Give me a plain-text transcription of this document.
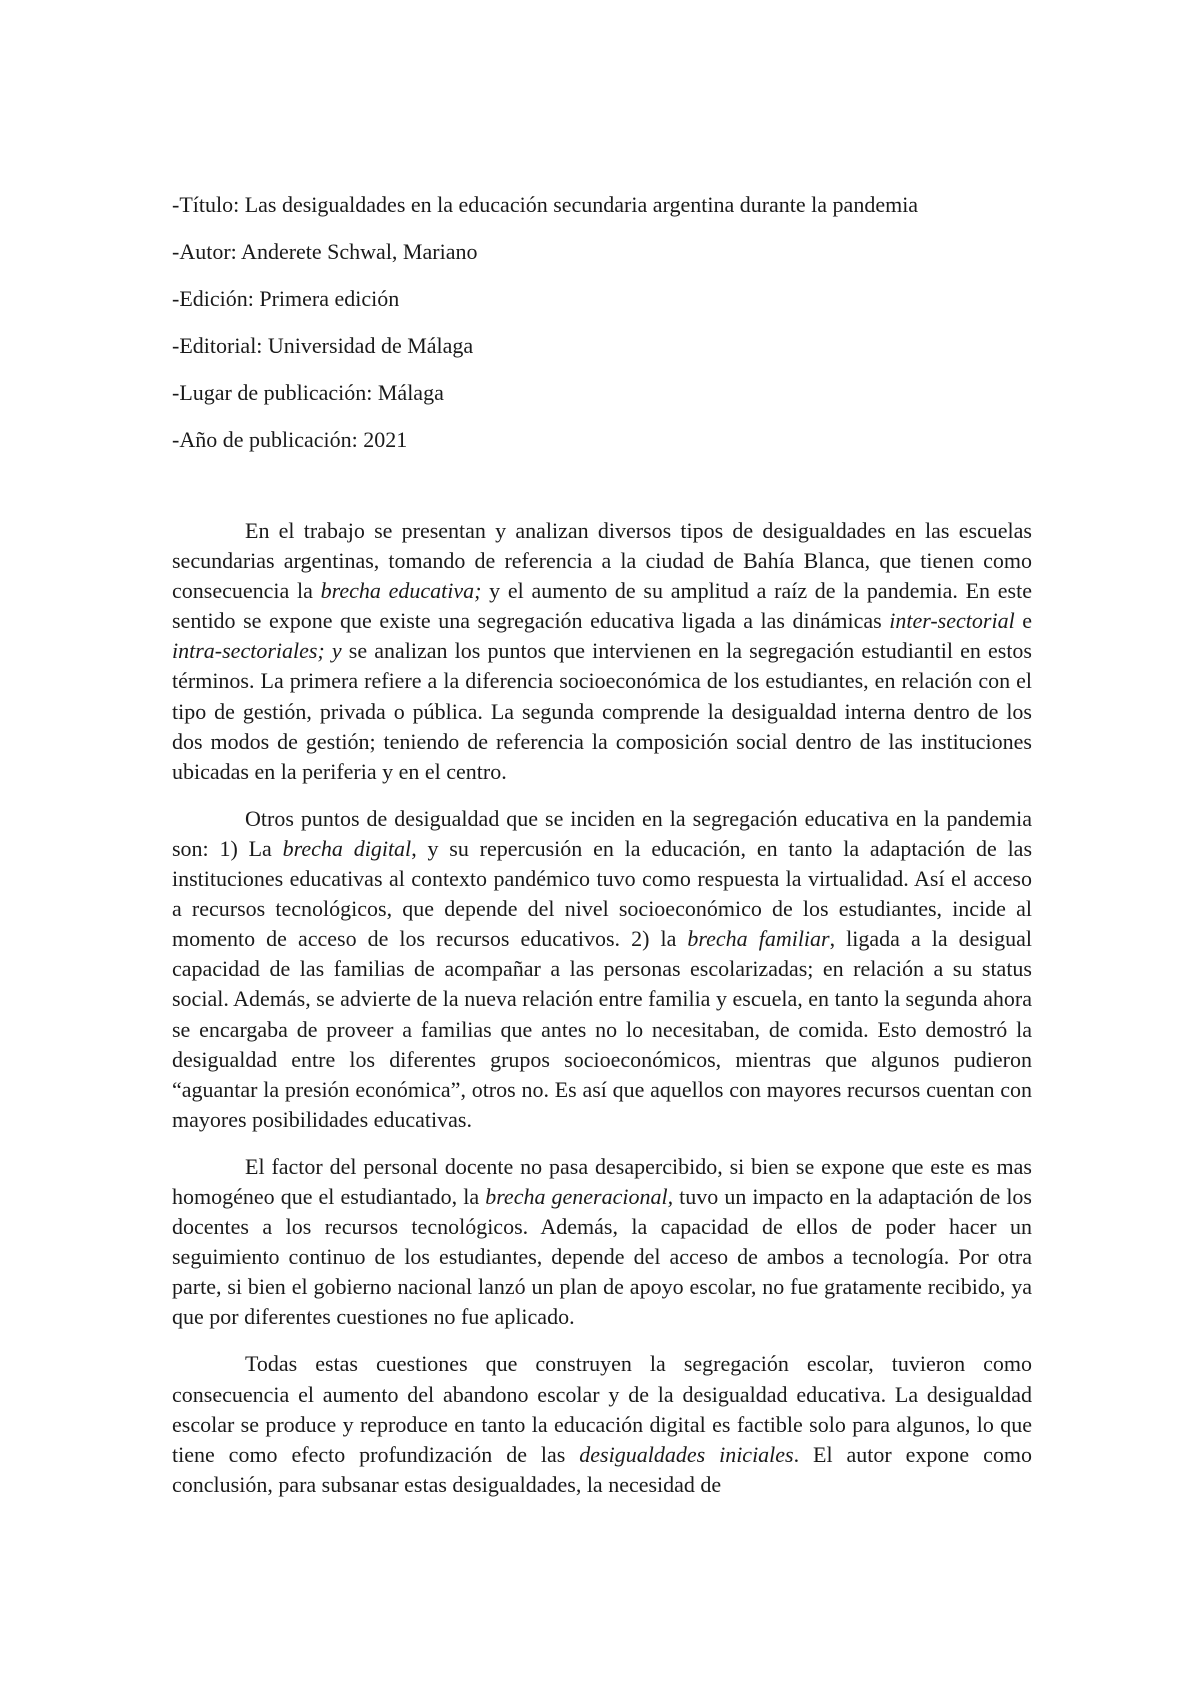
-Título: Las desigualdades en la educación secundaria argentina durante la pandemia

-Autor: Anderete Schwal, Mariano

-Edición: Primera edición

-Editorial: Universidad de Málaga

-Lugar de publicación: Málaga

-Año de publicación: 2021

En el trabajo se presentan y analizan diversos tipos de desigualdades en las escuelas secundarias argentinas, tomando de referencia a la ciudad de Bahía Blanca, que tienen como consecuencia la brecha educativa; y el aumento de su amplitud a raíz de la pandemia. En este sentido se expone que existe una segregación educativa ligada a las dinámicas inter-sectorial e intra-sectoriales; y se analizan los puntos que intervienen en la segregación estudiantil en estos términos. La primera refiere a la diferencia socioeconómica de los estudiantes, en relación con el tipo de gestión, privada o pública. La segunda comprende la desigualdad interna dentro de los dos modos de gestión; teniendo de referencia la composición social dentro de las instituciones ubicadas en la periferia y en el centro.

Otros puntos de desigualdad que se inciden en la segregación educativa en la pandemia son: 1) La brecha digital, y su repercusión en la educación, en tanto la adaptación de las instituciones educativas al contexto pandémico tuvo como respuesta la virtualidad. Así el acceso a recursos tecnológicos, que depende del nivel socioeconómico de los estudiantes, incide al momento de acceso de los recursos educativos. 2) la brecha familiar, ligada a la desigual capacidad de las familias de acompañar a las personas escolarizadas; en relación a su status social. Además, se advierte de la nueva relación entre familia y escuela, en tanto la segunda ahora se encargaba de proveer a familias que antes no lo necesitaban, de comida. Esto demostró la desigualdad entre los diferentes grupos socioeconómicos, mientras que algunos pudieron “aguantar la presión económica”, otros no. Es así que aquellos con mayores recursos cuentan con mayores posibilidades educativas.

El factor del personal docente no pasa desapercibido, si bien se expone que este es mas homogéneo que el estudiantado, la brecha generacional, tuvo un impacto en la adaptación de los docentes a los recursos tecnológicos. Además, la capacidad de ellos de poder hacer un seguimiento continuo de los estudiantes, depende del acceso de ambos a tecnología. Por otra parte, si bien el gobierno nacional lanzó un plan de apoyo escolar, no fue gratamente recibido, ya que por diferentes cuestiones no fue aplicado.

Todas estas cuestiones que construyen la segregación escolar, tuvieron como consecuencia el aumento del abandono escolar y de la desigualdad educativa. La desigualdad escolar se produce y reproduce en tanto la educación digital es factible solo para algunos, lo que tiene como efecto profundización de las desigualdades iniciales. El autor expone como conclusión, para subsanar estas desigualdades, la necesidad de
